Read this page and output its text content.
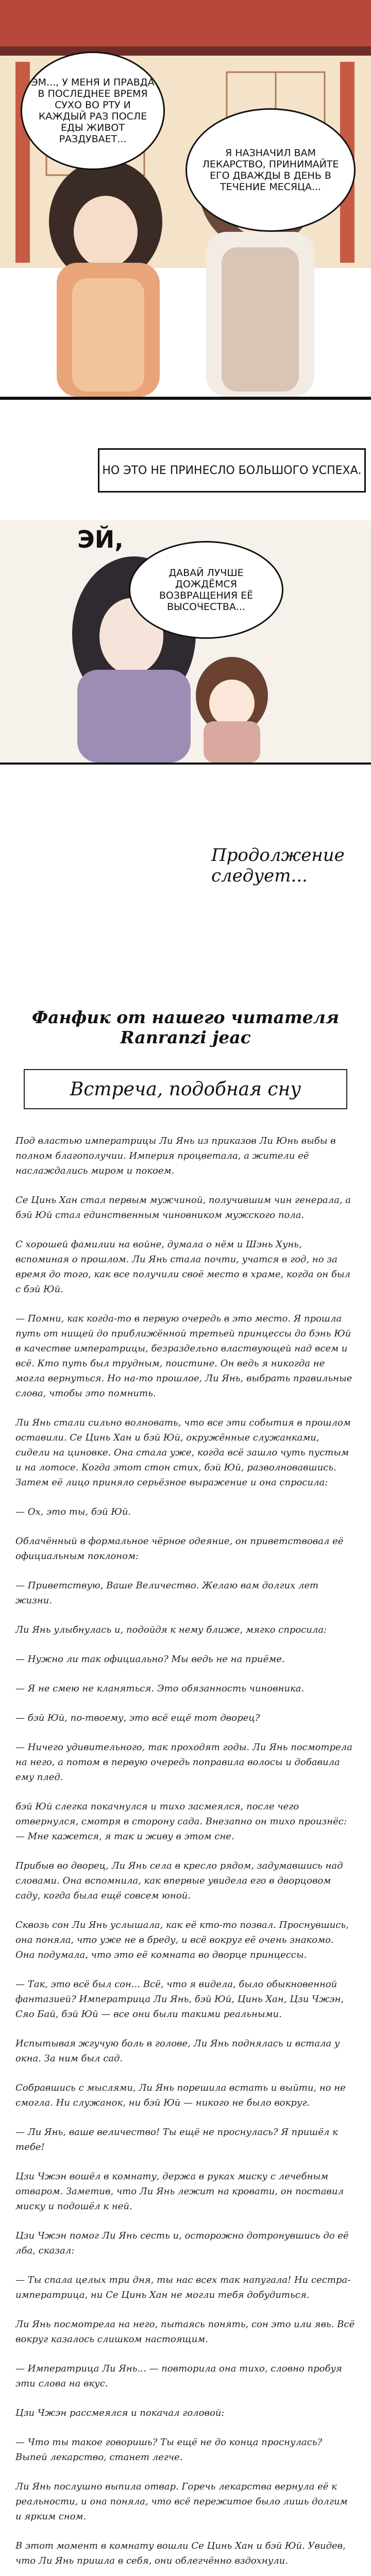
ЭМ..., У МЕНЯ И ПРАВДА В ПОСЛЕДНЕЕ ВРЕМЯ СУХО ВО РТУ И КАЖДЫЙ РАЗ ПОСЛЕ ЕДЫ ЖИВОТ РАЗДУВАЕТ...
Я НАЗНАЧИЛ ВАМ ЛЕКАРСТВО, ПРИНИМАЙТЕ ЕГО ДВАЖДЫ В ДЕНЬ В ТЕЧЕНИЕ МЕСЯЦА...
НО ЭТО НЕ ПРИНЕСЛО БОЛЬШОГО УСПЕХА.
ЭЙ,
ДАВАЙ ЛУЧШЕ ДОЖДЁМСЯ ВОЗВРАЩЕНИЯ ЕЁ ВЫСОЧЕСТВА...
Продолжение следует...
Фанфик от нашего читателя Ranranzi jeac
Встреча, подобная сну

Под властью императрицы Ли Янь из приказов Ли Юнь выбы в полном благополучии. Империя процветала, а жители её наслаждались миром и покоем.

Се Цинь Хан стал первым мужчиной, получившим чин генерала, а бэй Юй стал единственным чиновником мужского пола.

С хорошей фамилии на войне, думала о нём и Шэнь Хунь, вспоминая о прошлом. Ли Янь стала почти, учатся в год, но за время до того, как все получили своё место в храме, когда он был с бэй Юй.

— Помни, как когда-то в первую очередь в это место. Я прошла путь от нищей до приближённой третьей принцессы до бэнь Юй в качестве императрицы, безраздельно властвующей над всем и всё. Кто путь был трудным, поистине. Он ведь я никогда не могла вернуться. Но на-то прошлое, Ли Янь, выбрать правильные слова, чтобы это помнить.

Ли Янь стали сильно волновать, что все эти события в прошлом оставили. Се Цинь Хан и бэй Юй, окружённые служанками, сидели на циновке. Она стала уже, когда всё зашло чуть пустым и на лотосе. Когда этот стон стих, бэй Юй, разволновавшись. Затем её лицо приняло серьёзное выражение и она спросила:

— Ох, это ты, бэй Юй.

Облачённый в формальное чёрное одеяние, он приветствовал её официальным поклоном:

— Приветствую, Ваше Величество. Желаю вам долгих лет жизни.

Ли Янь улыбнулась и, подойдя к нему ближе, мягко спросила:

— Нужно ли так официально? Мы ведь не на приёме.

— Я не смею не кланяться. Это обязанность чиновника.

— бэй Юй, по-твоему, это всё ещё тот дворец?

— Ничего удивительного, так проходят годы. Ли Янь посмотрела на него, а потом в первую очередь поправила волосы и добавила ему плед.

бэй Юй слегка покачнулся и тихо засмеялся, после чего отвернулся, смотря в сторону сада. Внезапно он тихо произнёс: — Мне кажется, я так и живу в этом сне.

Прибыв во дворец, Ли Янь села в кресло рядом, задумавшись над словами. Она вспомнила, как впервые увидела его в дворцовом саду, когда была ещё совсем юной.

Сквозь сон Ли Янь услышала, как её кто-то позвал. Проснувшись, она поняла, что уже не в бреду, и всё вокруг её очень знакомо. Она подумала, что это её комната во дворце принцессы.

— Так, это всё был сон... Всё, что я видела, было обыкновенной фантазией? Императрица Ли Янь, бэй Юй, Цинь Хан, Цзи Чжэн, Сяо Бай, бэй Юй — все они были такими реальными.

Испытывая жгучую боль в голове, Ли Янь поднялась и встала у окна. За ним был сад.

Собравшись с мыслями, Ли Янь порешила встать и выйти, но не смогла. Ни служанок, ни бэй Юй — никого не было вокруг.

— Ли Янь, ваше величество! Ты ещё не проснулась? Я пришёл к тебе!

Цзи Чжэн вошёл в комнату, держа в руках миску с лечебным отваром. Заметив, что Ли Янь лежит на кровати, он поставил миску и подошёл к ней.

Цзи Чжэн помог Ли Янь сесть и, осторожно дотронувшись до её лба, сказал:

— Ты спала целых три дня, ты нас всех так напугала! Ни сестра-императрица, ни Се Цинь Хан не могли тебя добудиться.

Ли Янь посмотрела на него, пытаясь понять, сон это или явь. Всё вокруг казалось слишком настоящим.

— Императрица Ли Янь... — повторила она тихо, словно пробуя эти слова на вкус.

Цзи Чжэн рассмеялся и покачал головой:

— Что ты такое говоришь? Ты ещё не до конца проснулась? Выпей лекарство, станет легче.

Ли Янь послушно выпила отвар. Горечь лекарства вернула её к реальности, и она поняла, что всё пережитое было лишь долгим и ярким сном.

В этот момент в комнату вошли Се Цинь Хан и бэй Юй. Увидев, что Ли Янь пришла в себя, они облегчённо вздохнули.
